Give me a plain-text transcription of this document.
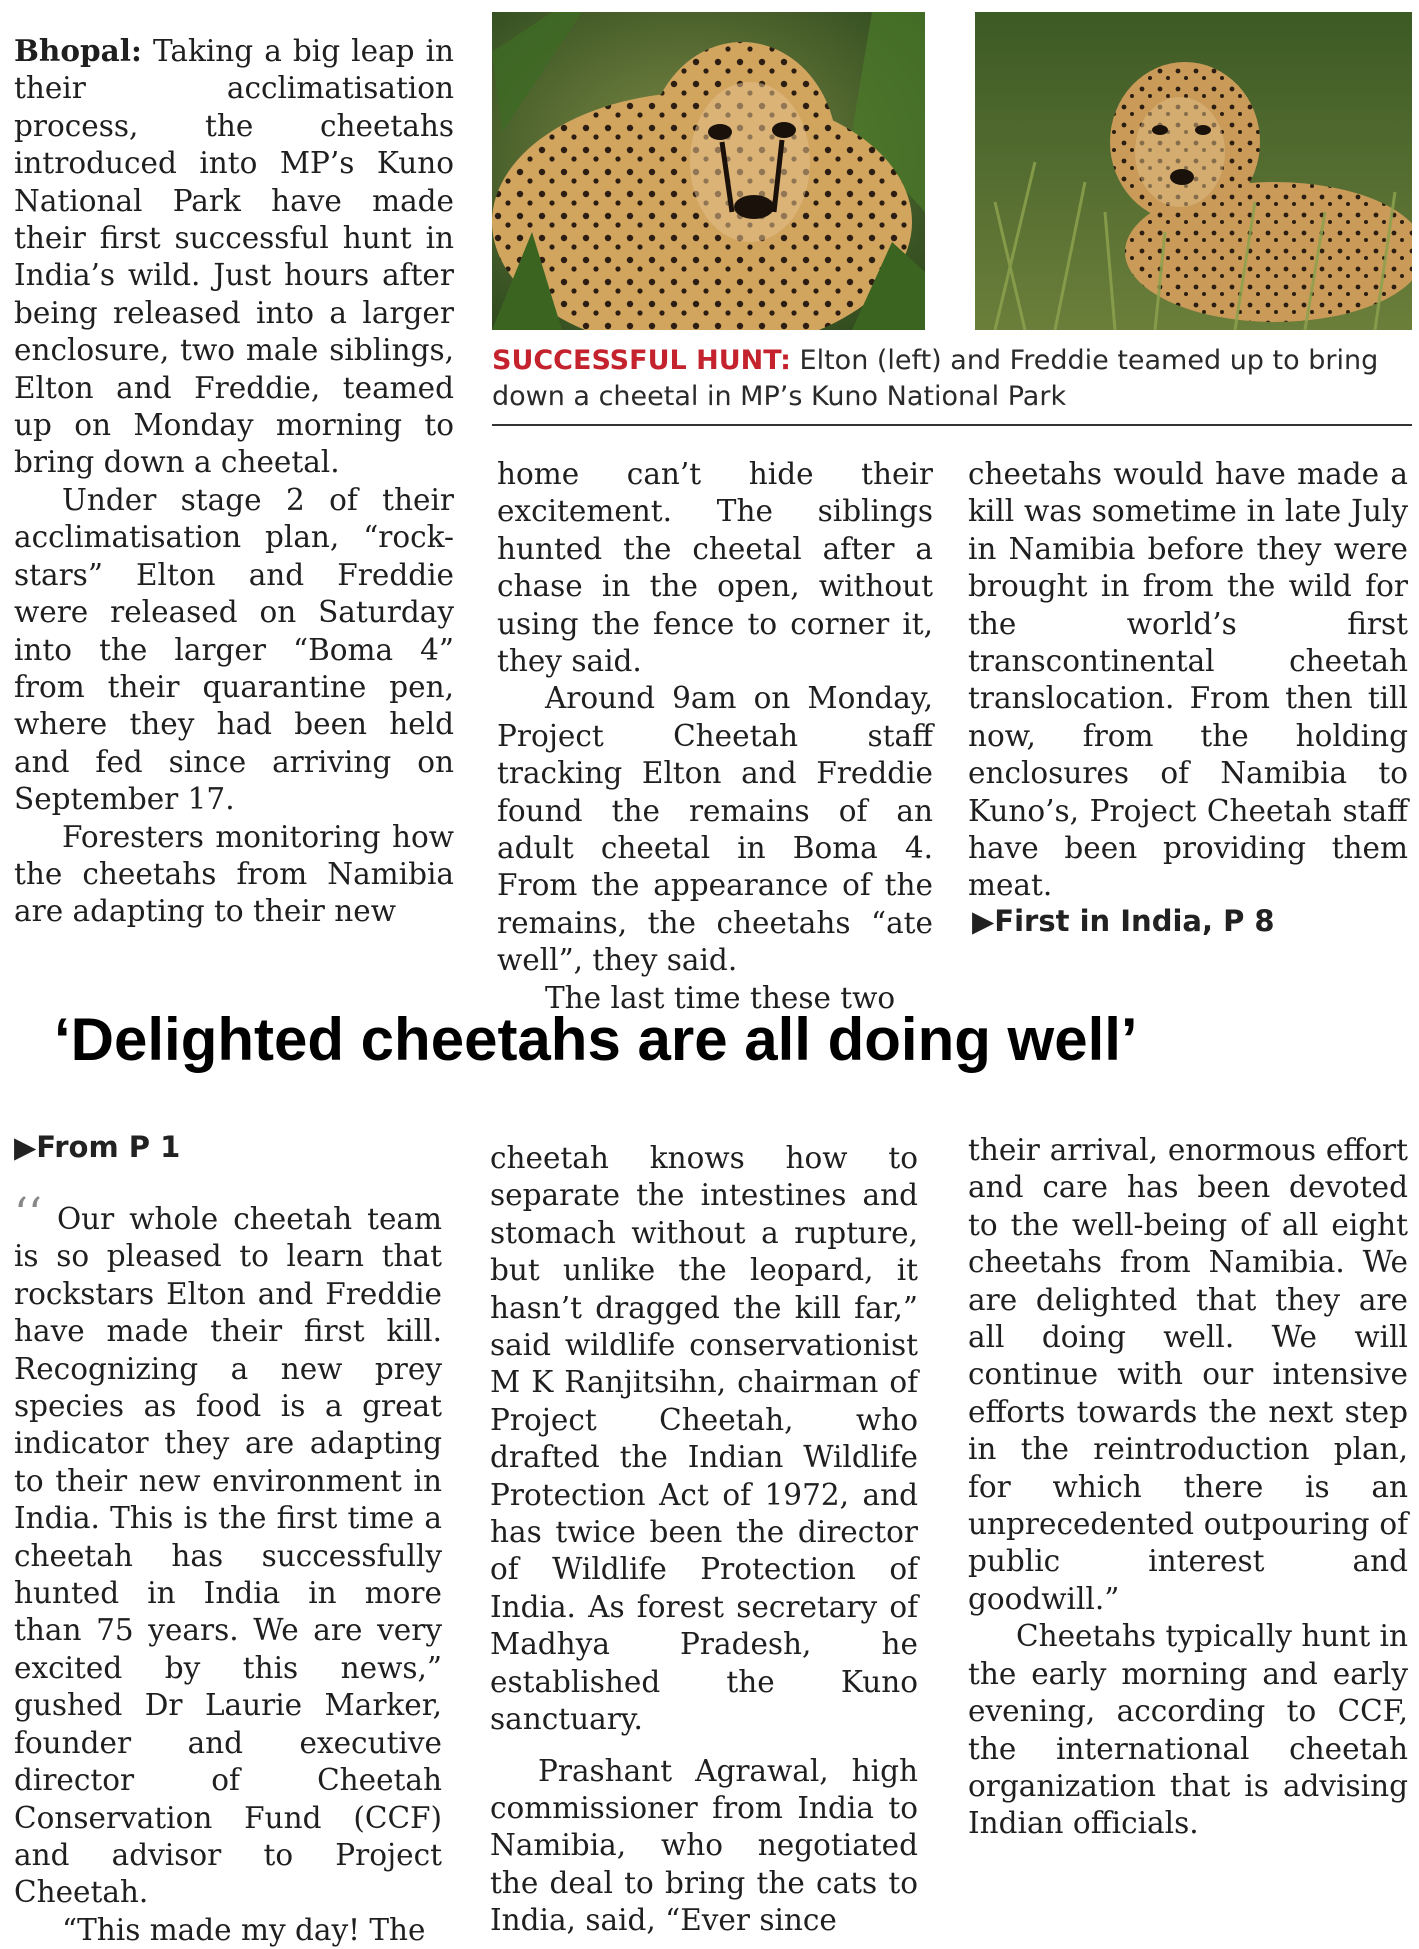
SUCCESSFUL HUNT: Elton (left) and Freddie teamed up to bring down a cheetal in MP’s Kuno National Park

Bhopal: Taking a big leap in their acclimatisation process, the cheetahs introduced into MP’s Kuno National Park have made their first successful hunt in India’s wild. Just hours after being released into a larger enclosure, two male siblings, Elton and Freddie, teamed up on Monday morning to bring down a cheetal.

Under stage 2 of their acclimatisation plan, “rock-stars” Elton and Freddie were released on Saturday into the larger “Boma 4” from their quarantine pen, where they had been held and fed since arriving on September 17.

Foresters monitoring how the cheetahs from Namibia are adapting to their new

home can’t hide their excitement. The siblings hunted the cheetal after a chase in the open, without using the fence to corner it, they said.

Around 9am on Monday, Project Cheetah staff tracking Elton and Freddie found the remains of an adult cheetal in Boma 4. From the appearance of the remains, the cheetahs “ate well”, they said.

The last time these two

cheetahs would have made a kill was sometime in late July in Namibia before they were brought in from the wild for the world’s first transcontinental cheetah translocation. From then till now, from the holding enclosures of Namibia to Kuno’s, Project Cheetah staff have been providing them meat.

▶First in India, P 8
‘Delighted cheetahs are all doing well’
▶From P 1

‘‘ Our whole cheetah team is so pleased to learn that rockstars Elton and Freddie have made their first kill. Recognizing a new prey species as food is a great indicator they are adapting to their new environment in India. This is the first time a cheetah has successfully hunted in India in more than 75 years. We are very excited by this news,” gushed Dr Laurie Marker, founder and executive director of Cheetah Conservation Fund (CCF) and advisor to Project Cheetah.

“This made my day! The

cheetah knows how to separate the intestines and stomach without a rupture, but unlike the leopard, it hasn’t dragged the kill far,” said wildlife conservationist M K Ranjitsihn, chairman of Project Cheetah, who drafted the Indian Wildlife Protection Act of 1972, and has twice been the director of Wildlife Protection of India. As forest secretary of Madhya Pradesh, he established the Kuno sanctuary.

Prashant Agrawal, high commissioner from India to Namibia, who negotiated the deal to bring the cats to India, said, “Ever since

their arrival, enormous effort and care has been devoted to the well-being of all eight cheetahs from Namibia. We are delighted that they are all doing well. We will continue with our intensive efforts towards the next step in the reintroduction plan, for which there is an unprecedented outpouring of public interest and goodwill.”

Cheetahs typically hunt in the early morning and early evening, according to CCF, the international cheetah organization that is advising Indian officials.
